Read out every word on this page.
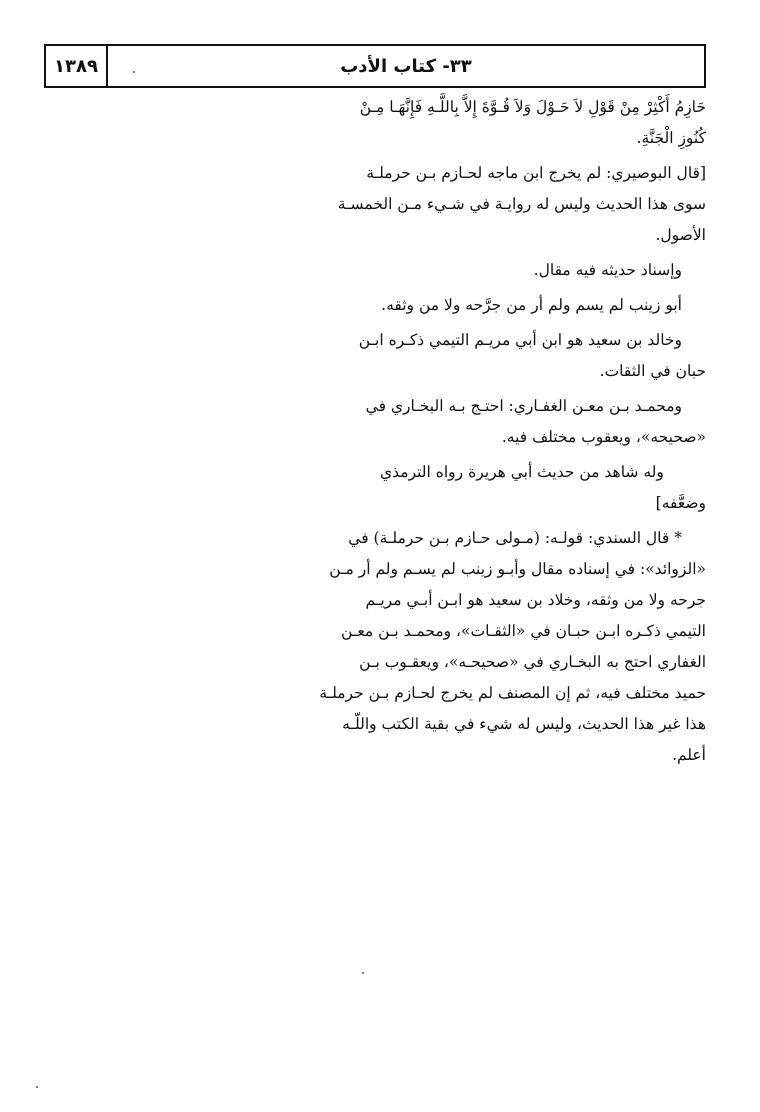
١٣٨٩	٣٣- كتاب الأدب
حَازِمُ أَكْثِرْ مِنْ قَوْلِ لاَ حَـوْلَ وَلاَ قُـوَّةَ إِلاَّ بِاللَّـهِ فَإِنَّهَـا مِـنْ
كُنُوزِ الْجَنَّةِ.
[قال البوصيري: لم يخرج ابن ماجه لحـازم بـن حرملـة
سوى هذا الحديث وليس له روايـة في شـيء مـن الخمسـة
الأصول.
وإسناد حديثه فيه مقال.
أبو زينب لم يسم ولم أر من جرَّحه ولا من وثقه.
وخالد بن سعيد هو ابن أبي مريـم التيمي ذكـره ابـن
حبان في الثقات.
ومحمـد بـن معـن الغفـاري: احتـج بـه البخـاري في
«صحيحه»، ويعقوب مختلف فيه.
وله شاهد من حديث أبي هريرة رواه الترمذي
وضعَّفه]
* قال السندي: قولـه: (مـولى حـازم بـن حرملـة) في
«الزوائد»: في إسناده مقال وأبـو زينب لم يسـم ولم أر مـن
جرحه ولا من وثقه، وخلاد بن سعيد هو ابـن أبـي مريـم
التيمي ذكـره ابـن حبـان في «الثقـات»، ومحمـد بـن معـن
الغفاري احتج به البخـاري في «صحيحـه»، ويعقـوب بـن
حميد مختلف فيه، ثم إن المصنف لم يخرج لحـازم بـن حرملـة
هذا غير هذا الحديث، وليس له شيء في بقية الكتب واللّـه
أعلم.
